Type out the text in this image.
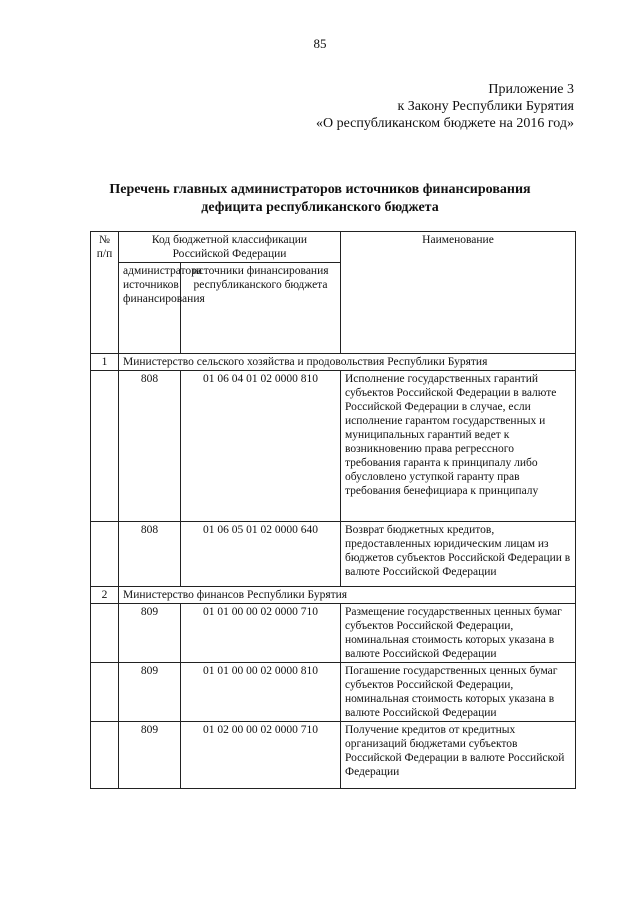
85
Приложение 3
к Закону Республики Бурятия
«О республиканском бюджете на 2016 год»
Перечень главных администраторов источников финансирования
дефицита республиканского бюджета
№
п/п	Код бюджетной классификации Российской Федерации		Наименование
	администратора источников финансирования	источники финансирования республиканского бюджета	
1	Министерство сельского хозяйства и продовольствия Республики Бурятия		
	808	01 06 04 01 02 0000 810	Исполнение государственных гарантий субъектов Российской Федерации в валюте Российской Федерации в случае, если исполнение гарантом государственных и муниципальных гарантий ведет к возникновению права регрессного требования гаранта к принципалу либо обусловлено уступкой гаранту прав требования бенефициара к принципалу
	808	01 06 05 01 02 0000 640	Возврат бюджетных кредитов, предоставленных юридическим лицам из бюджетов субъектов Российской Федерации в валюте Российской Федерации
2	Министерство финансов Республики Бурятия		
	809	01 01 00 00 02 0000 710	Размещение государственных ценных бумаг субъектов Российской Федерации, номинальная стоимость которых указана в валюте Российской Федерации
	809	01 01 00 00 02 0000 810	Погашение государственных ценных бумаг субъектов Российской Федерации, номинальная стоимость которых указана в валюте Российской Федерации
	809	01 02 00 00 02 0000 710	Получение кредитов от кредитных организаций бюджетами субъектов Российской Федерации в валюте Российской Федерации
